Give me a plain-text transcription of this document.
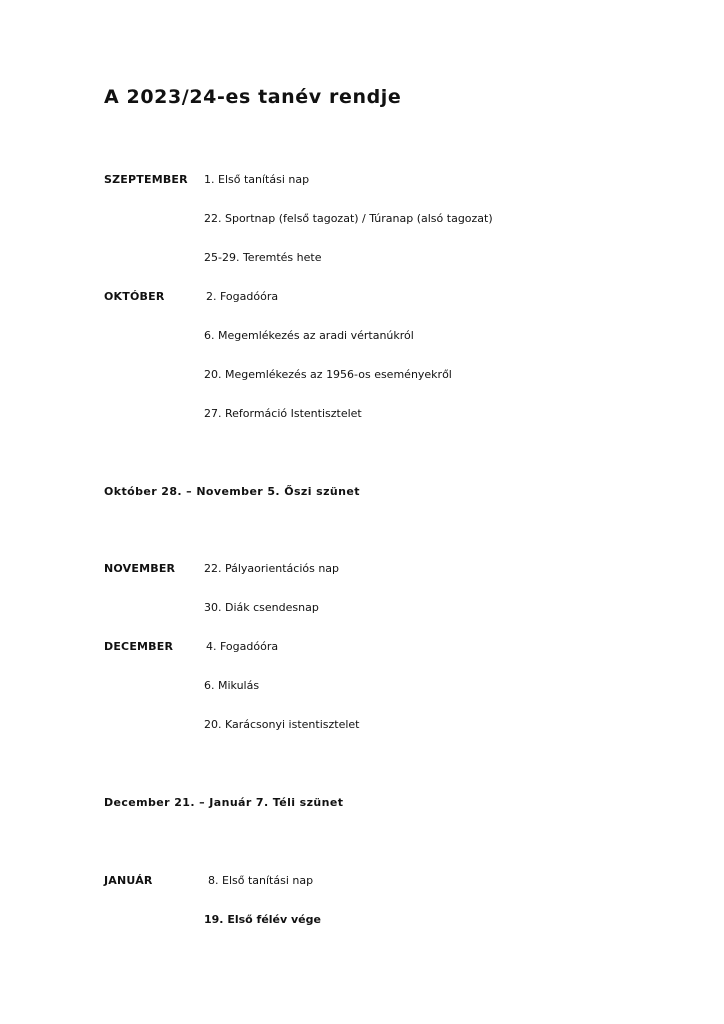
A 2023/24-es tanév rendje
SZEPTEMBER 1. Első tanítási nap
22. Sportnap (felső tagozat) / Túranap (alsó tagozat)
25-29. Teremtés hete
OKTÓBER	2. Fogadóóra
6. Megemlékezés az aradi vértanúkról
20. Megemlékezés az 1956-os eseményekről
27. Reformáció Istentisztelet
Október 28. – November 5. Őszi szünet
NOVEMBER	22. Pályaorientációs nap
30. Diák csendesnap
DECEMBER	4. Fogadóóra
6. Mikulás
20. Karácsonyi istentisztelet
December 21. – Január 7. Téli szünet
JANUÁR	8. Első tanítási nap
19. Első félév vége
